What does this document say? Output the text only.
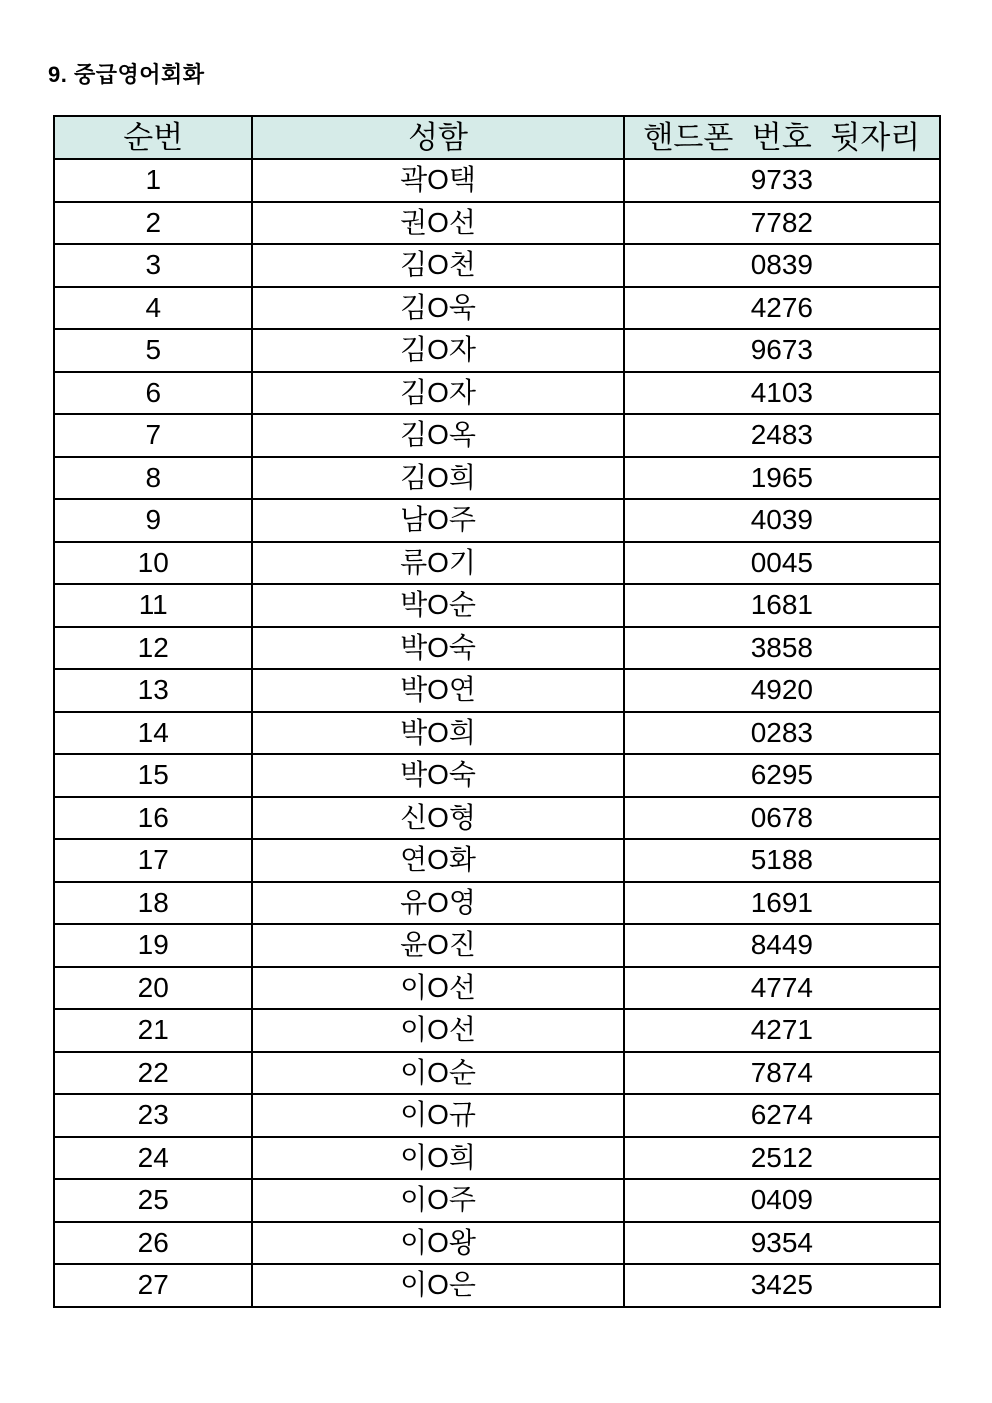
9. 중급영어회화
순번	성함	핸드폰 번호 뒷자리
1	곽O택	9733
2	권O선	7782
3	김O천	0839
4	김O욱	4276
5	김O자	9673
6	김O자	4103
7	김O옥	2483
8	김O희	1965
9	남O주	4039
10	류O기	0045
11	박O순	1681
12	박O숙	3858
13	박O연	4920
14	박O희	0283
15	박O숙	6295
16	신O형	0678
17	연O화	5188
18	유O영	1691
19	윤O진	8449
20	이O선	4774
21	이O선	4271
22	이O순	7874
23	이O규	6274
24	이O희	2512
25	이O주	0409
26	이O왕	9354
27	이O은	3425
